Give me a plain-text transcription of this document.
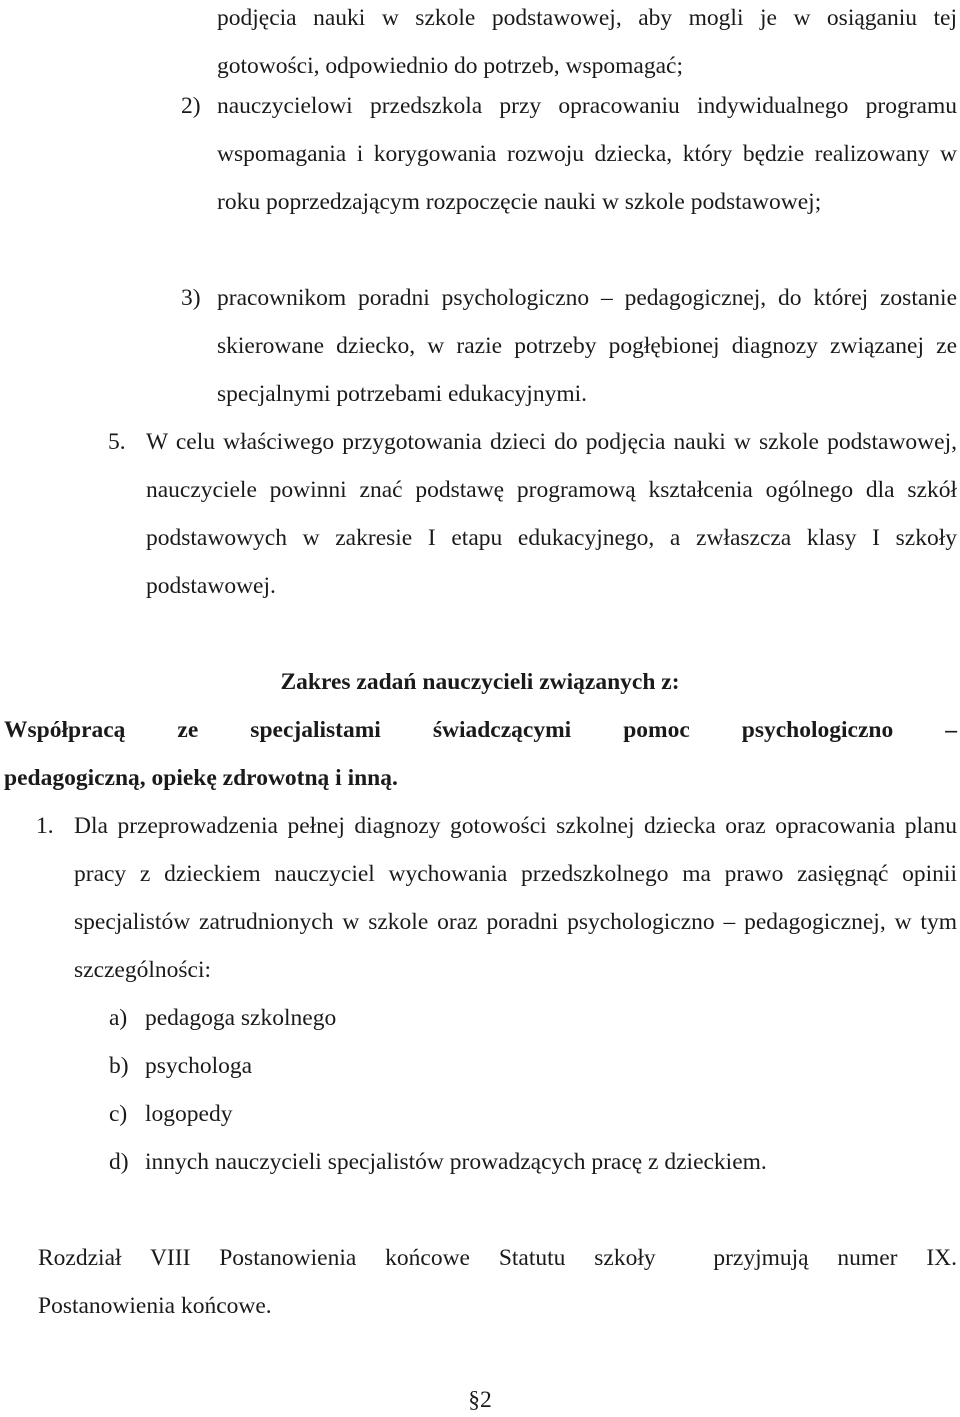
podjęcia nauki w szkole podstawowej, aby mogli je w osiąganiu tej gotowości, odpowiednio do potrzeb, wspomagać;

2) nauczycielowi przedszkola przy opracowaniu indywidualnego programu wspomagania i korygowania rozwoju dziecka, który będzie realizowany w roku poprzedzającym rozpoczęcie nauki w szkole podstawowej;

3) pracownikom poradni psychologiczno – pedagogicznej, do której zostanie skierowane dziecko, w razie potrzeby pogłębionej diagnozy związanej ze specjalnymi potrzebami edukacyjnymi.

5. W celu właściwego przygotowania dzieci do podjęcia nauki w szkole podstawowej, nauczyciele powinni znać podstawę programową kształcenia ogólnego dla szkół podstawowych w zakresie I etapu edukacyjnego, a zwłaszcza klasy I szkoły podstawowej.

Zakres zadań nauczycieli związanych z:

Współpracą ze specjalistami świadczącymi pomoc psychologiczno –
pedagogiczną, opiekę zdrowotną i inną.
1. Dla przeprowadzenia pełnej diagnozy gotowości szkolnej dziecka oraz opracowania planu pracy z dzieckiem nauczyciel wychowania przedszkolnego ma prawo zasięgnąć opinii specjalistów zatrudnionych w szkole oraz poradni psychologiczno – pedagogicznej, w tym szczególności:

a) pedagoga szkolnego
b) psychologa
c) logopedy
d) innych nauczycieli specjalistów prowadzących pracę z dzieckiem.
Rozdział VIII Postanowienia końcowe Statutu szkoły  przyjmują numer IX.
Postanowienia końcowe.

§2
